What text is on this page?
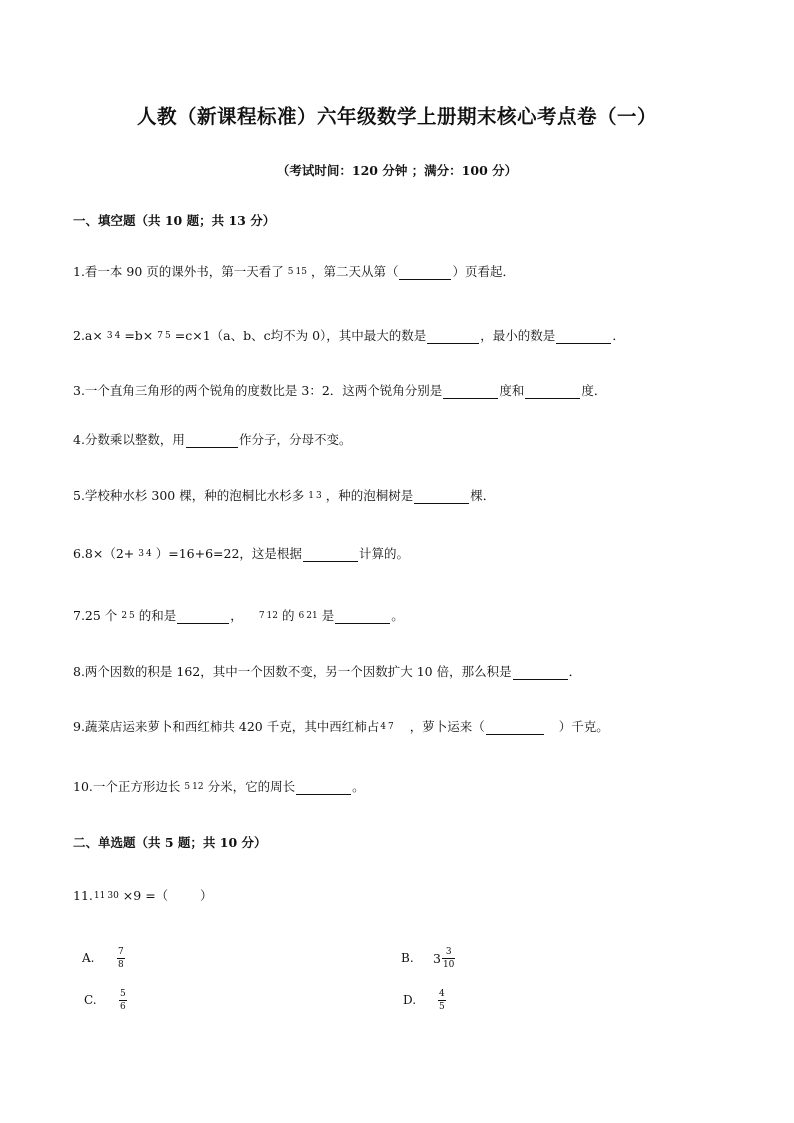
人教（新课程标准）六年级数学上册期末核心考点卷（一）
（考试时间：120 分钟 ；满分：100 分）
一、填空题（共 10 题；共 13 分）
1.看一本 90 页的课外书，第一天看了 5 15 ，第二天从第（	）页看起．
2.a× 3 4 =b× 7 5 =c×1（a、b、c均不为 0），其中最大的数是	，最小的数是	．
3.一个直角三角形的两个锐角的度数比是 3：2．这两个锐角分别是	度和	度．
4.分数乘以整数，用	作分子，分母不变。
5.学校种水杉 300 棵，种的泡桐比水杉多 1 3 ，种的泡桐树是	棵．
6.8×（2+ 3 4 ）=16+6=22，这是根据	计算的。
7.25 个 2 5 的和是	， 7 12 的 6 21 是	。
8.两个因数的积是 162，其中一个因数不变，另一个因数扩大 10 倍，那么积是	．
9.蔬菜店运来萝卜和西红柿共 420 千克，其中西红柿占 4 7 ，萝卜运来（	）千克。
10.一个正方形边长 5 12 分米，它的周长	。
二、单选题（共 5 题；共 10 分）
11. 11 30 ×9 =（        ）
A.	$\frac{7}{8}$	B.	$3 \frac{3}{10}$
C.	$\frac{5}{6}$	D.	$\frac{4}{5}$
